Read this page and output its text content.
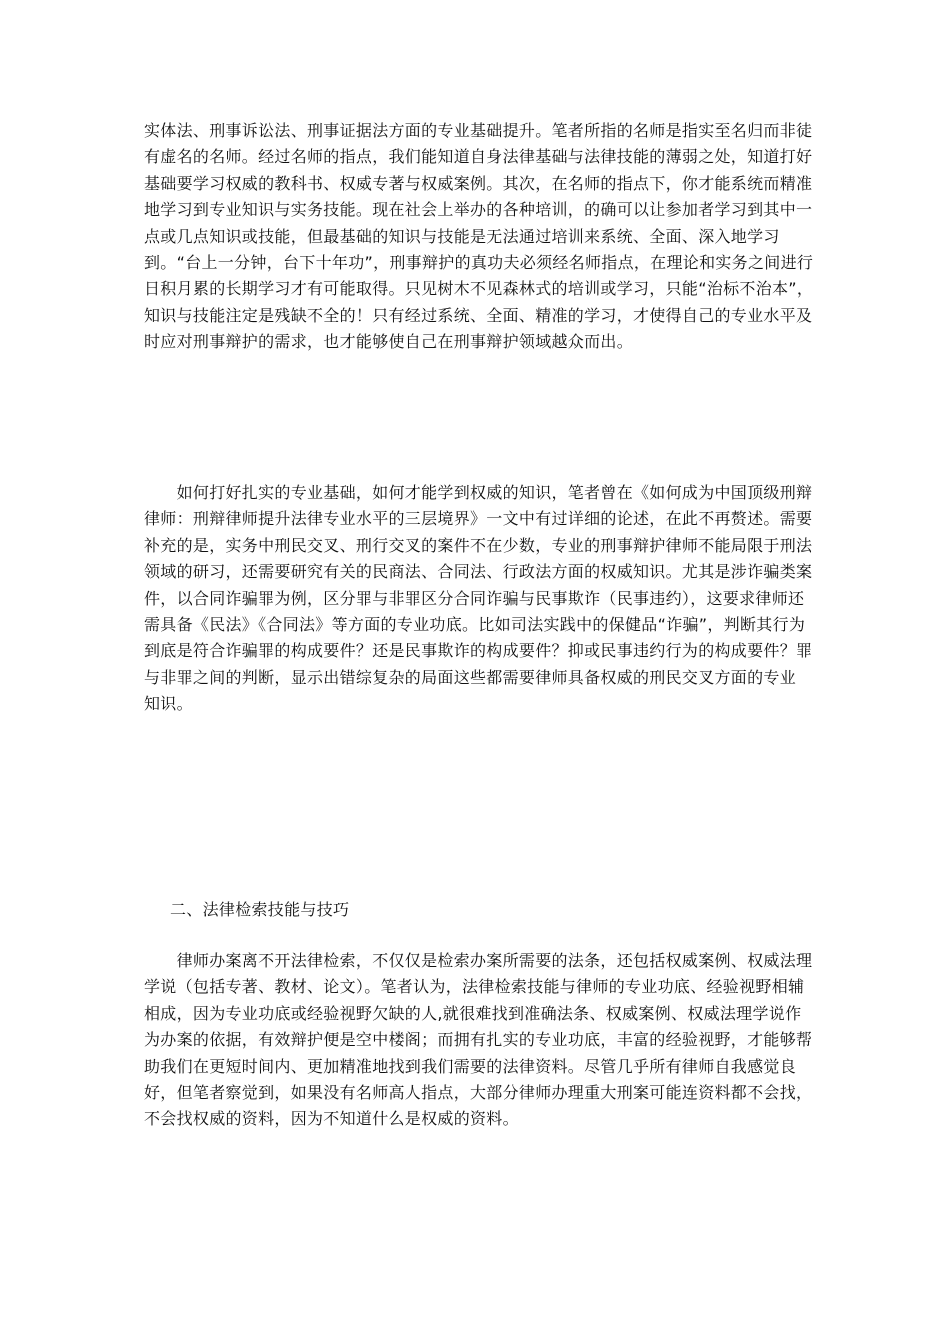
实体法、刑事诉讼法、刑事证据法方面的专业基础提升。笔者所指的名师是指实至名归而非徒有虚名的名师。经过名师的指点，我们能知道自身法律基础与法律技能的薄弱之处，知道打好基础要学习权威的教科书、权威专著与权威案例。其次，在名师的指点下，你才能系统而精准地学习到专业知识与实务技能。现在社会上举办的各种培训，的确可以让参加者学习到其中一点或几点知识或技能，但最基础的知识与技能是无法通过培训来系统、全面、深入地学习到。“台上一分钟，台下十年功”，刑事辩护的真功夫必须经名师指点，在理论和实务之间进行日积月累的长期学习才有可能取得。只见树木不见森林式的培训或学习，只能“治标不治本”，知识与技能注定是残缺不全的！只有经过系统、全面、精准的学习，才使得自己的专业水平及时应对刑事辩护的需求，也才能够使自己在刑事辩护领域越众而出。

　　如何打好扎实的专业基础，如何才能学到权威的知识，笔者曾在《如何成为中国顶级刑辩律师：刑辩律师提升法律专业水平的三层境界》一文中有过详细的论述，在此不再赘述。需要补充的是，实务中刑民交叉、刑行交叉的案件不在少数，专业的刑事辩护律师不能局限于刑法领域的研习，还需要研究有关的民商法、合同法、行政法方面的权威知识。尤其是涉诈骗类案件，以合同诈骗罪为例，区分罪与非罪区分合同诈骗与民事欺诈（民事违约），这要求律师还需具备《民法》《合同法》等方面的专业功底。比如司法实践中的保健品“诈骗”，判断其行为到底是符合诈骗罪的构成要件？还是民事欺诈的构成要件？抑或民事违约行为的构成要件？罪与非罪之间的判断，显示出错综复杂的局面这些都需要律师具备权威的刑民交叉方面的专业
知识。

二、法律检索技能与技巧

　　律师办案离不开法律检索，不仅仅是检索办案所需要的法条，还包括权威案例、权威法理学说（包括专著、教材、论文）。笔者认为，法律检索技能与律师的专业功底、经验视野相辅相成，因为专业功底或经验视野欠缺的人,就很难找到准确法条、权威案例、权威法理学说作为办案的依据，有效辩护便是空中楼阁；而拥有扎实的专业功底，丰富的经验视野，才能够帮助我们在更短时间内、更加精准地找到我们需要的法律资料。尽管几乎所有律师自我感觉良好，但笔者察觉到，如果没有名师高人指点，大部分律师办理重大刑案可能连资料都不会找，不会找权威的资料，因为不知道什么是权威的资料。
